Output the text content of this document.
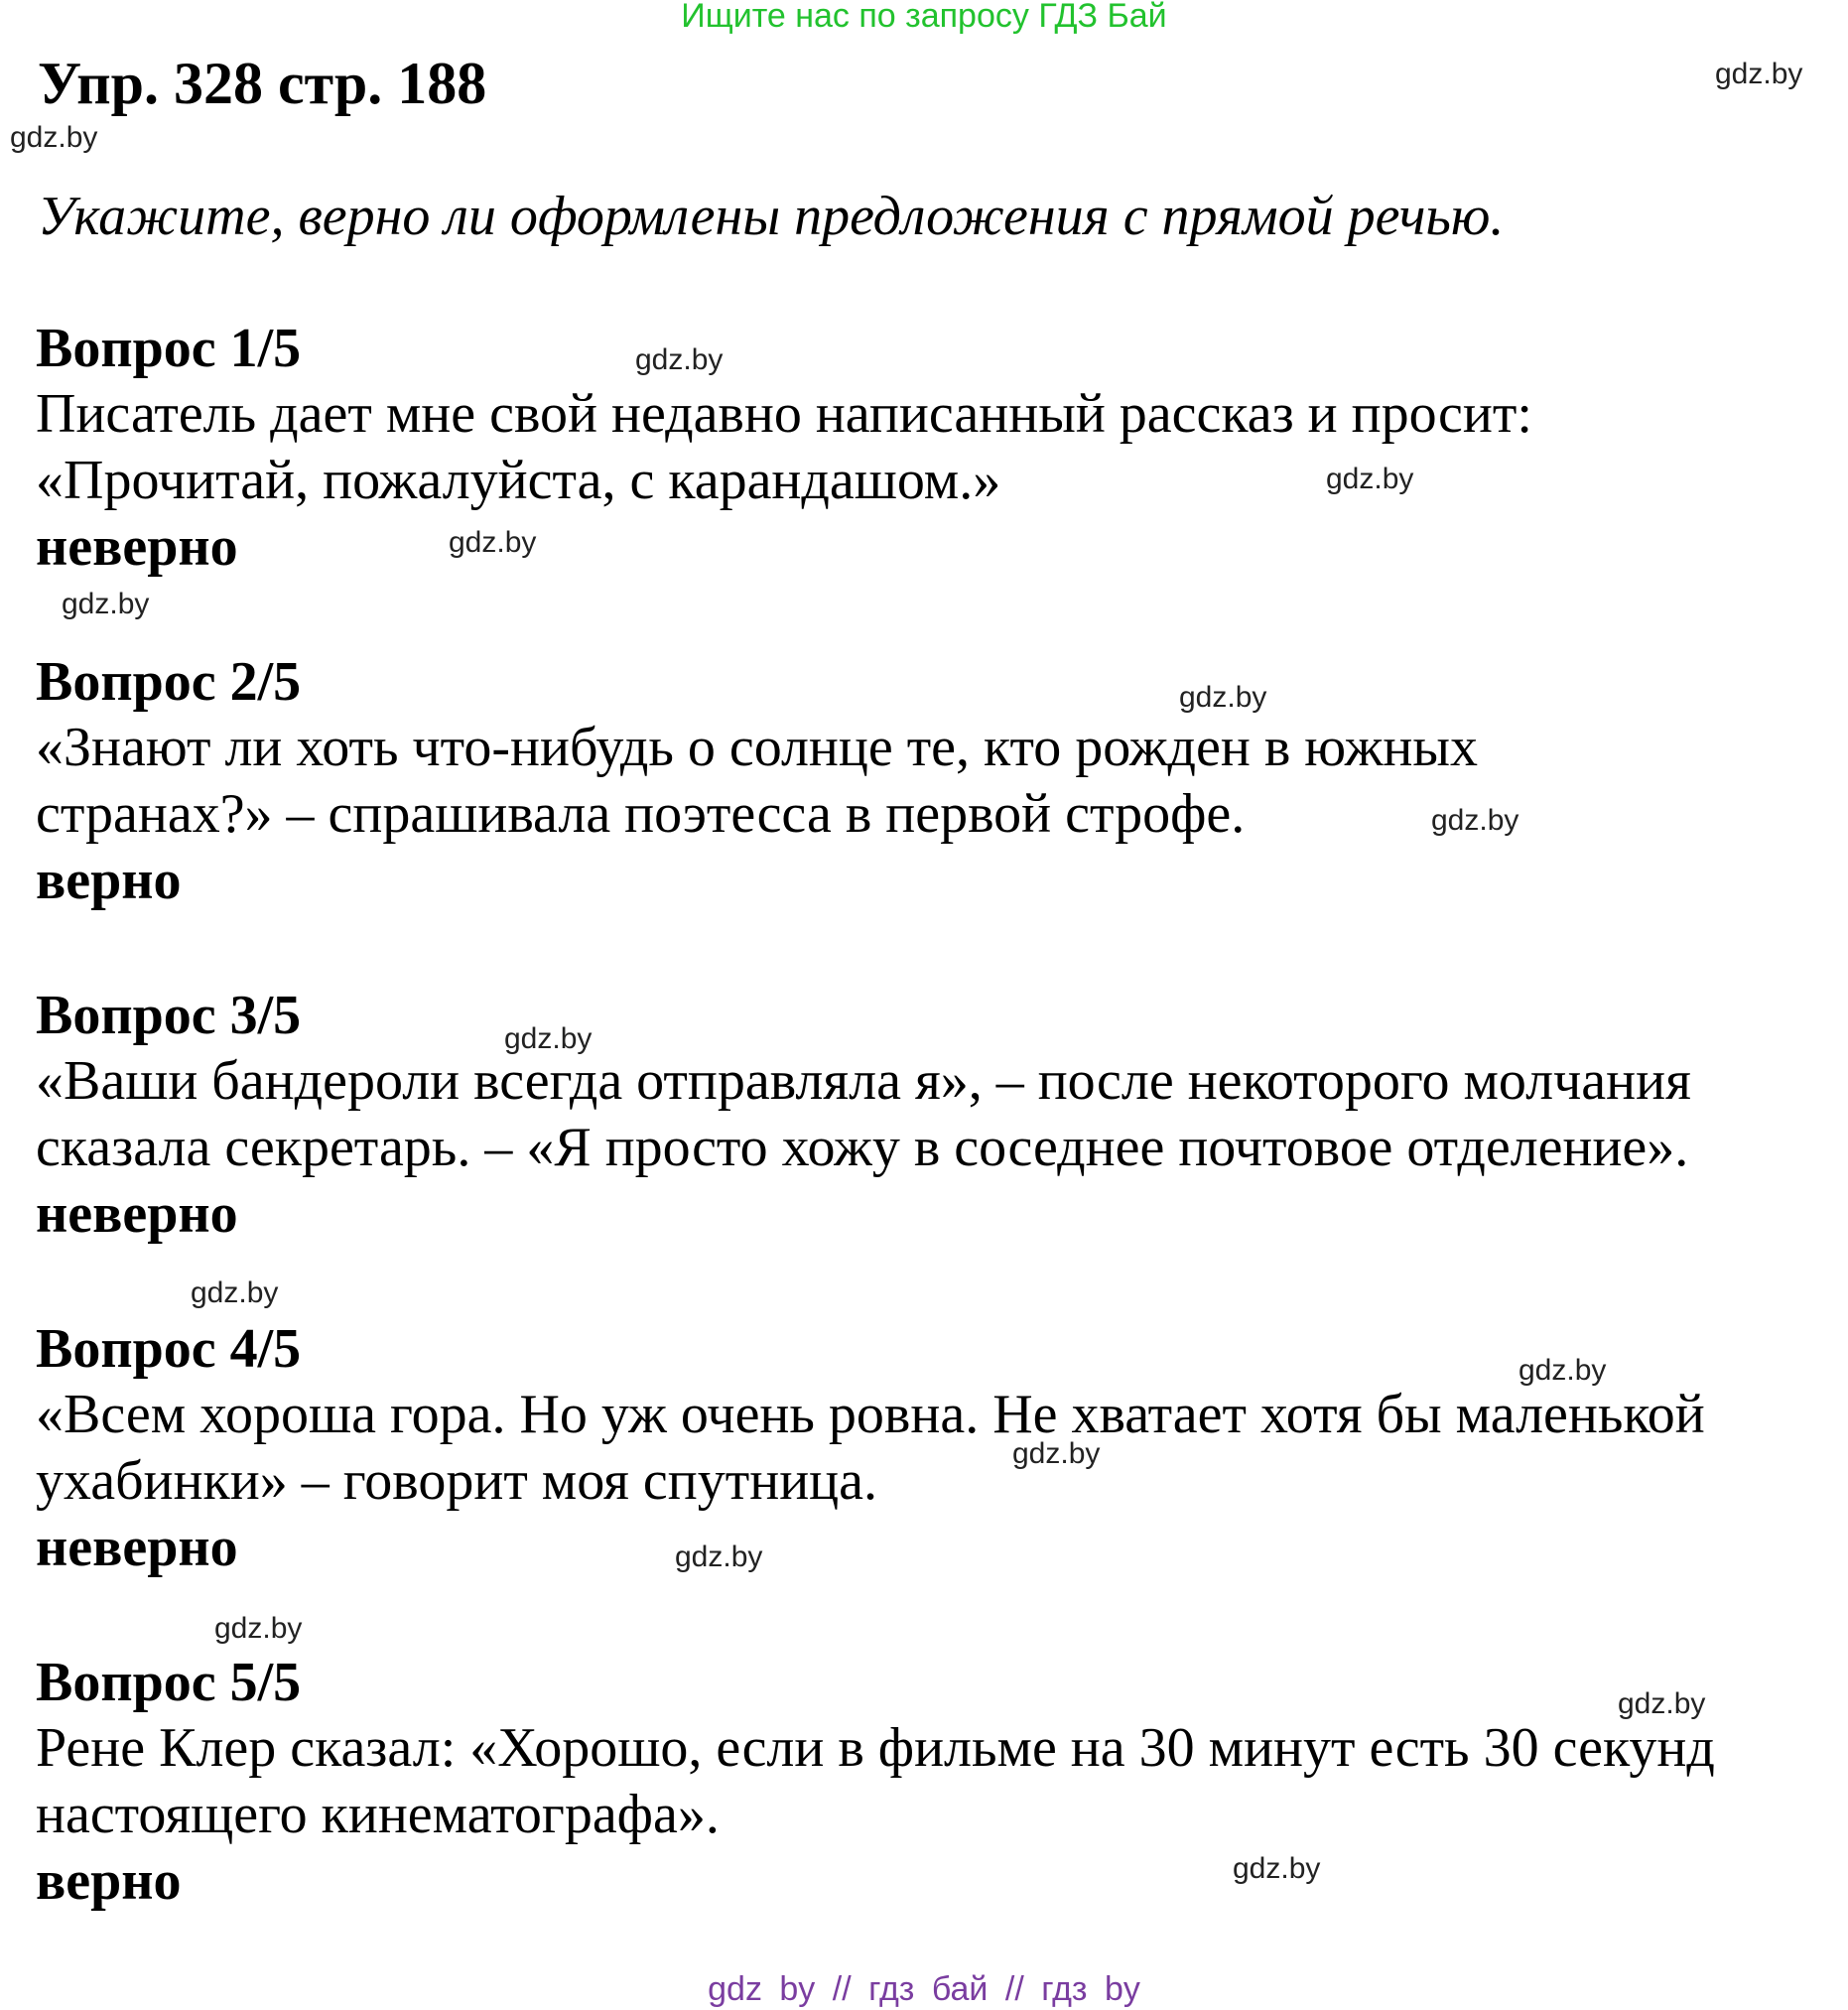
Ищите нас по запросу ГДЗ Бай
Упр. 328 стр. 188
Укажите, верно ли оформлены предложения с прямой речью.
Вопрос 1/5
Писатель дает мне свой недавно написанный рассказ и просит:
«Прочитай, пожалуйста, с карандашом.»
неверно
Вопрос 2/5
«Знают ли хоть что-нибудь о солнце те, кто рожден в южных
странах?» – спрашивала поэтесса в первой строфе.
верно
Вопрос 3/5
«Ваши бандероли всегда отправляла я», – после некоторого молчания
сказала секретарь. – «Я просто хожу в соседнее почтовое отделение».
неверно
Вопрос 4/5
«Всем хороша гора. Но уж очень ровна. Не хватает хотя бы маленькой
ухабинки» – говорит моя спутница.
неверно
Вопрос 5/5
Рене Клер сказал: «Хорошо, если в фильме на 30 минут есть 30 секунд
настоящего кинематографа».
верно
gdz.by
gdz.by
gdz.by
gdz.by
gdz.by
gdz.by
gdz.by
gdz.by
gdz.by
gdz.by
gdz.by
gdz.by
gdz.by
gdz.by
gdz.by
gdz.by
gdz by // гдз бай // гдз by
